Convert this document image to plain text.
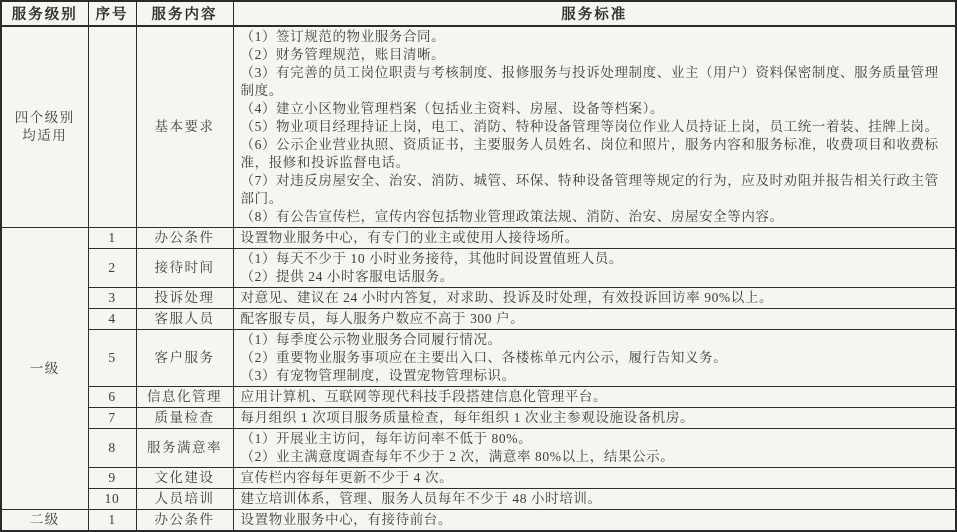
服务级别	序号	服务内容	服务标准
四个级别均适用		基本要求	
（1）签订规范的物业服务合同。
（2）财务管理规范，账目清晰。
（3）有完善的员工岗位职责与考核制度、报修服务与投诉处理制度、业主（用户）资料保密制度、服务质量管理制度。
（4）建立小区物业管理档案（包括业主资料、房屋、设备等档案）。
（5）物业项目经理持证上岗，电工、消防、特种设备管理等岗位作业人员持证上岗，员工统一着装、挂牌上岗。
（6）公示企业营业执照、资质证书，主要服务人员姓名、岗位和照片，服务内容和服务标准，收费项目和收费标准，报修和投诉监督电话。
（7）对违反房屋安全、治安、消防、城管、环保、特种设备管理等规定的行为，应及时劝阻并报告相关行政主管部门。
（8）有公告宣传栏，宣传内容包括物业管理政策法规、消防、治安、房屋安全等内容。

一级	1	办公条件	设置物业服务中心，有专门的业主或使用人接待场所。

	2	接待时间	（1）每天不少于 10 小时业务接待，其他时间设置值班人员。
（2）提供 24 小时客服电话服务。

	3	投诉处理	对意见、建议在 24 小时内答复，对求助、投诉及时处理，有效投诉回访率 90%以上。

	4	客服人员	配客服专员，每人服务户数应不高于 300 户。

	5	客户服务	（1）每季度公示物业服务合同履行情况。
（2）重要物业服务事项应在主要出入口、各楼栋单元内公示，履行告知义务。
（3）有宠物管理制度，设置宠物管理标识。

	6	信息化管理	应用计算机、互联网等现代科技手段搭建信息化管理平台。

	7	质量检查	每月组织 1 次项目服务质量检查，每年组织 1 次业主参观设施设备机房。

	8	服务满意率	（1）开展业主访问，每年访问率不低于 80%。
（2）业主满意度调查每年不少于 2 次，满意率 80%以上，结果公示。

	9	文化建设	宣传栏内容每年更新不少于 4 次。

	10	人员培训	建立培训体系，管理、服务人员每年不少于 48 小时培训。

二级	1	办公条件	设置物业服务中心，有接待前台。
